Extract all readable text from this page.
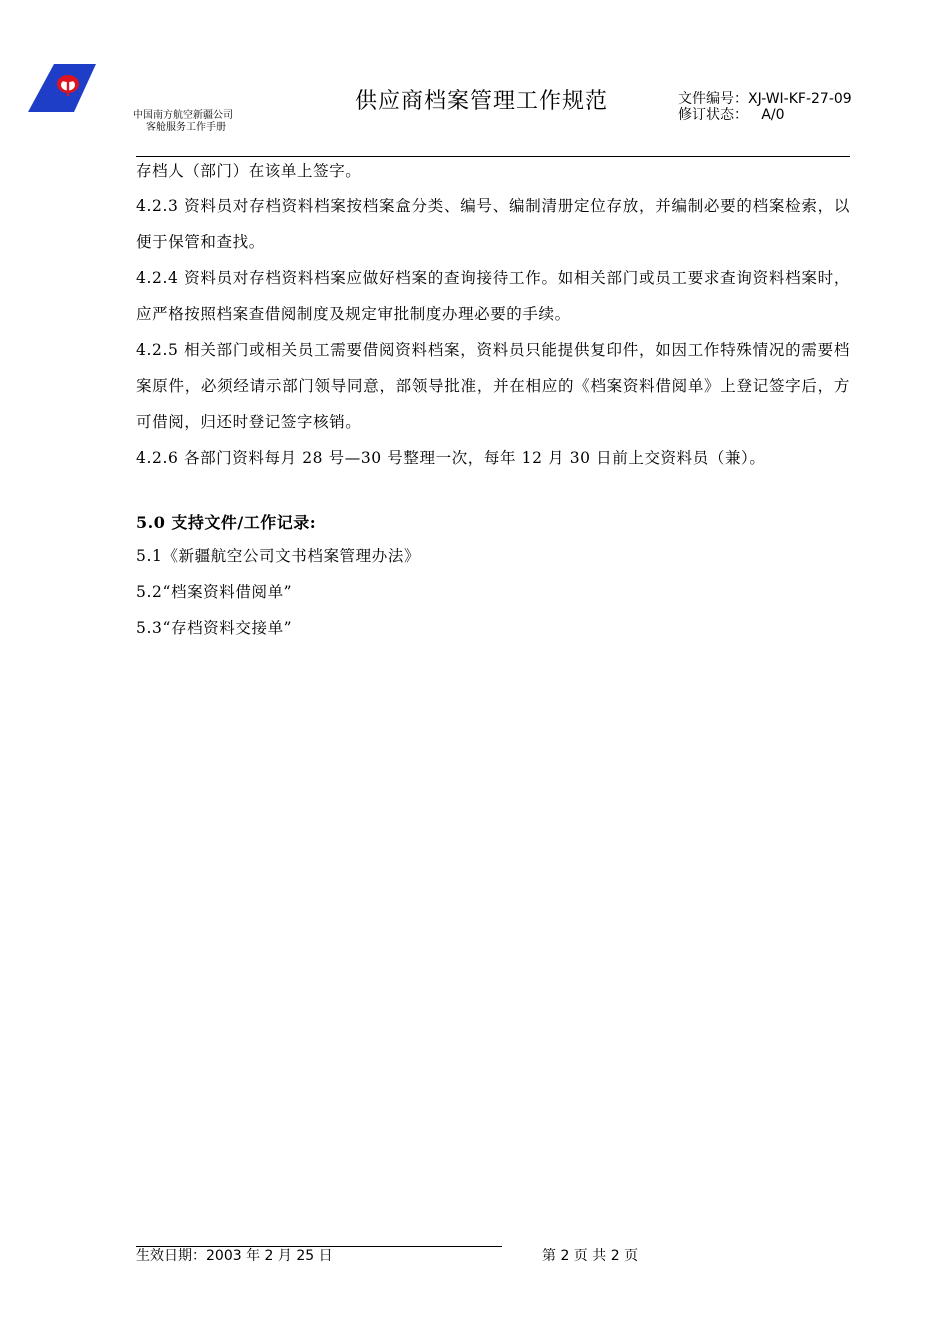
中国南方航空新疆公司
客舱服务工作手册
供应商档案管理工作规范	文件编号：XJ-WI-KF-27-09
修订状态：   A/0

存档人（部门）在该单上签字。

4.2.3 资料员对存档资料档案按档案盒分类、编号、编制清册定位存放，并编制必要的档案检索，以便于保管和查找。

4.2.4 资料员对存档资料档案应做好档案的查询接待工作。如相关部门或员工要求查询资料档案时，应严格按照档案查借阅制度及规定审批制度办理必要的手续。

4.2.5 相关部门或相关员工需要借阅资料档案，资料员只能提供复印件，如因工作特殊情况的需要档案原件，必须经请示部门领导同意，部领导批准，并在相应的《档案资料借阅单》上登记签字后，方可借阅，归还时登记签字核销。

4.2.6 各部门资料每月 28 号—30 号整理一次，每年 12 月 30 日前上交资料员（兼）。

5.0 支持文件/工作记录:
5.1《新疆航空公司文书档案管理办法》
5.2“档案资料借阅单”
5.3“存档资料交接单”
生效日期：2003 年 2 月 25 日	第 2 页 共 2 页
